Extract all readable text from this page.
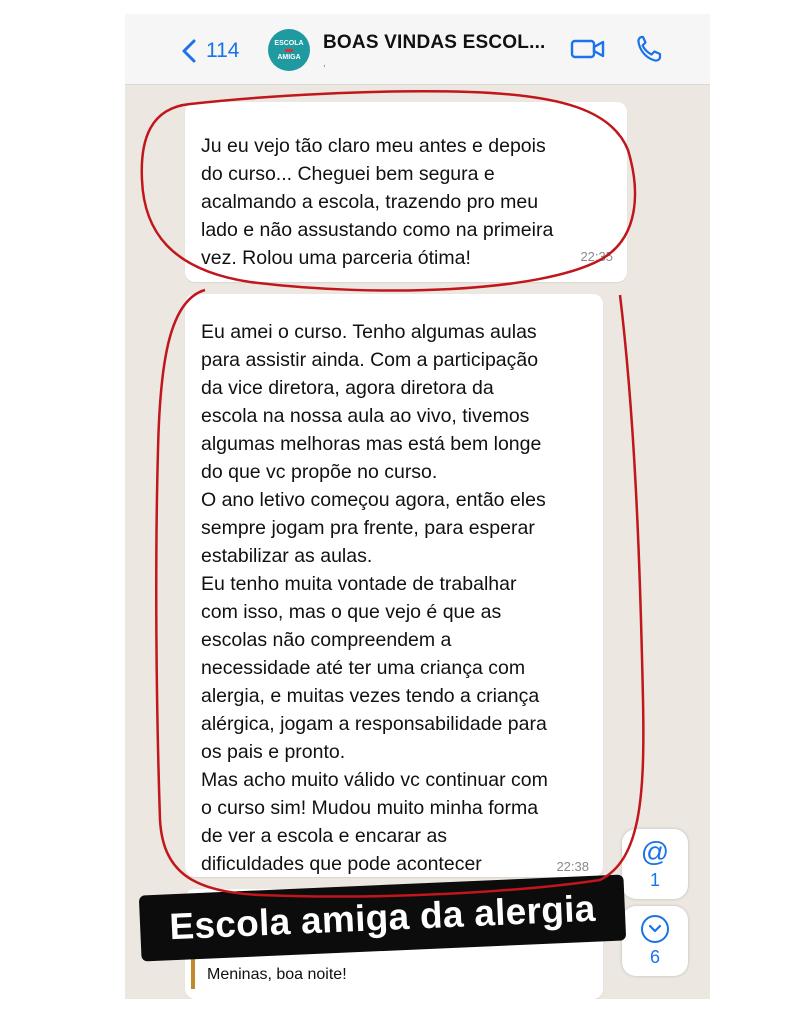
114	ESCOLA
AMIGA
BOAS VINDAS ESCOL...
,
Ju eu vejo tão claro meu antes e depois
do curso... Cheguei bem segura e
acalmando a escola, trazendo pro meu
lado e não assustando como na primeira
vez. Rolou uma parceria ótima!	22:35
Eu amei o curso. Tenho algumas aulas
para assistir ainda. Com a participação
da vice diretora, agora diretora da
escola na nossa aula ao vivo, tivemos
algumas melhoras mas está bem longe
do que vc propõe no curso.
O ano letivo começou agora, então eles
sempre jogam pra frente, para esperar
estabilizar as aulas.
Eu tenho muita vontade de trabalhar
com isso, mas o que vejo é que as
escolas não compreendem a
necessidade até ter uma criança com
alergia, e muitas vezes tendo a criança
alérgica, jogam a responsabilidade para
os pais e pronto.
Mas acho muito válido vc continuar com
o curso sim! Mudou muito minha forma
de ver a escola e encarar as
dificuldades que pode acontecer	22:38
Meninas, boa noite!
@
1
6
Escola amiga da alergia
